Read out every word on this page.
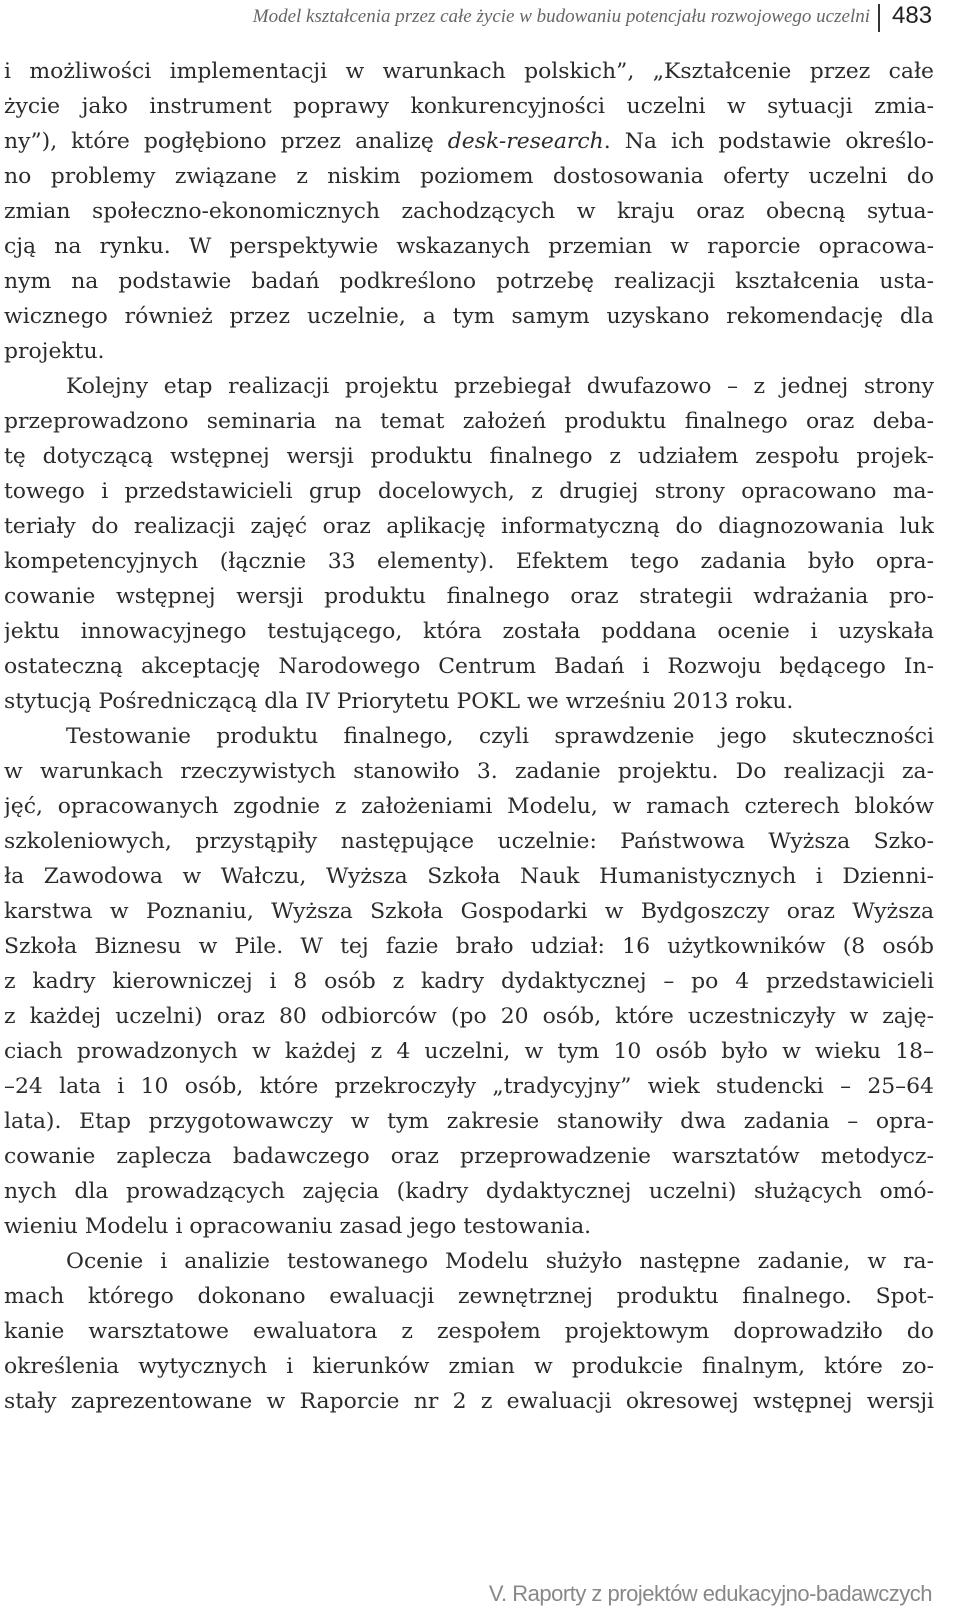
Model kształcenia przez całe życie w budowaniu potencjału rozwojowego uczelni 483

i możliwości implementacji w warunkach polskich”, „Kształcenie przez całe
życie jako instrument poprawy konkurencyjności uczelni w sytuacji zmia-
ny”), które pogłębiono przez analizę desk-research. Na ich podstawie określo-
no problemy związane z niskim poziomem dostosowania oferty uczelni do
zmian społeczno-ekonomicznych zachodzących w kraju oraz obecną sytua-
cją na rynku. W perspektywie wskazanych przemian w raporcie opracowa-
nym na podstawie badań podkreślono potrzebę realizacji kształcenia usta-
wicznego również przez uczelnie, a tym samym uzyskano rekomendację dla
projektu.

Kolejny etap realizacji projektu przebiegał dwufazowo – z jednej strony
przeprowadzono seminaria na temat założeń produktu finalnego oraz deba-
tę dotyczącą wstępnej wersji produktu finalnego z udziałem zespołu projek-
towego i przedstawicieli grup docelowych, z drugiej strony opracowano ma-
teriały do realizacji zajęć oraz aplikację informatyczną do diagnozowania luk
kompetencyjnych (łącznie 33 elementy). Efektem tego zadania było opra-
cowanie wstępnej wersji produktu finalnego oraz strategii wdrażania pro-
jektu innowacyjnego testującego, która została poddana ocenie i uzyskała
ostateczną akceptację Narodowego Centrum Badań i Rozwoju będącego In-
stytucją Pośredniczącą dla IV Priorytetu POKL we wrześniu 2013 roku.

Testowanie produktu finalnego, czyli sprawdzenie jego skuteczności
w warunkach rzeczywistych stanowiło 3. zadanie projektu. Do realizacji za-
jęć, opracowanych zgodnie z założeniami Modelu, w ramach czterech bloków
szkoleniowych, przystąpiły następujące uczelnie: Państwowa Wyższa Szko-
ła Zawodowa w Wałczu, Wyższa Szkoła Nauk Humanistycznych i Dzienni-
karstwa w Poznaniu, Wyższa Szkoła Gospodarki w Bydgoszczy oraz Wyższa
Szkoła Biznesu w Pile. W tej fazie brało udział: 16 użytkowników (8 osób
z kadry kierowniczej i 8 osób z kadry dydaktycznej – po 4 przedstawicieli
z każdej uczelni) oraz 80 odbiorców (po 20 osób, które uczestniczyły w zaję-
ciach prowadzonych w każdej z 4 uczelni, w tym 10 osób było w wieku 18–
–24 lata i 10 osób, które przekroczyły „tradycyjny” wiek studencki – 25–64
lata). Etap przygotowawczy w tym zakresie stanowiły dwa zadania – opra-
cowanie zaplecza badawczego oraz przeprowadzenie warsztatów metodycz-
nych dla prowadzących zajęcia (kadry dydaktycznej uczelni) służących omó-
wieniu Modelu i opracowaniu zasad jego testowania.

Ocenie i analizie testowanego Modelu służyło następne zadanie, w ra-
mach którego dokonano ewaluacji zewnętrznej produktu finalnego. Spot-
kanie warsztatowe ewaluatora z zespołem projektowym doprowadziło do
określenia wytycznych i kierunków zmian w produkcie finalnym, które zo-
stały zaprezentowane w Raporcie nr 2 z ewaluacji okresowej wstępnej wersji

V. Raporty z projektów edukacyjno-badawczych
